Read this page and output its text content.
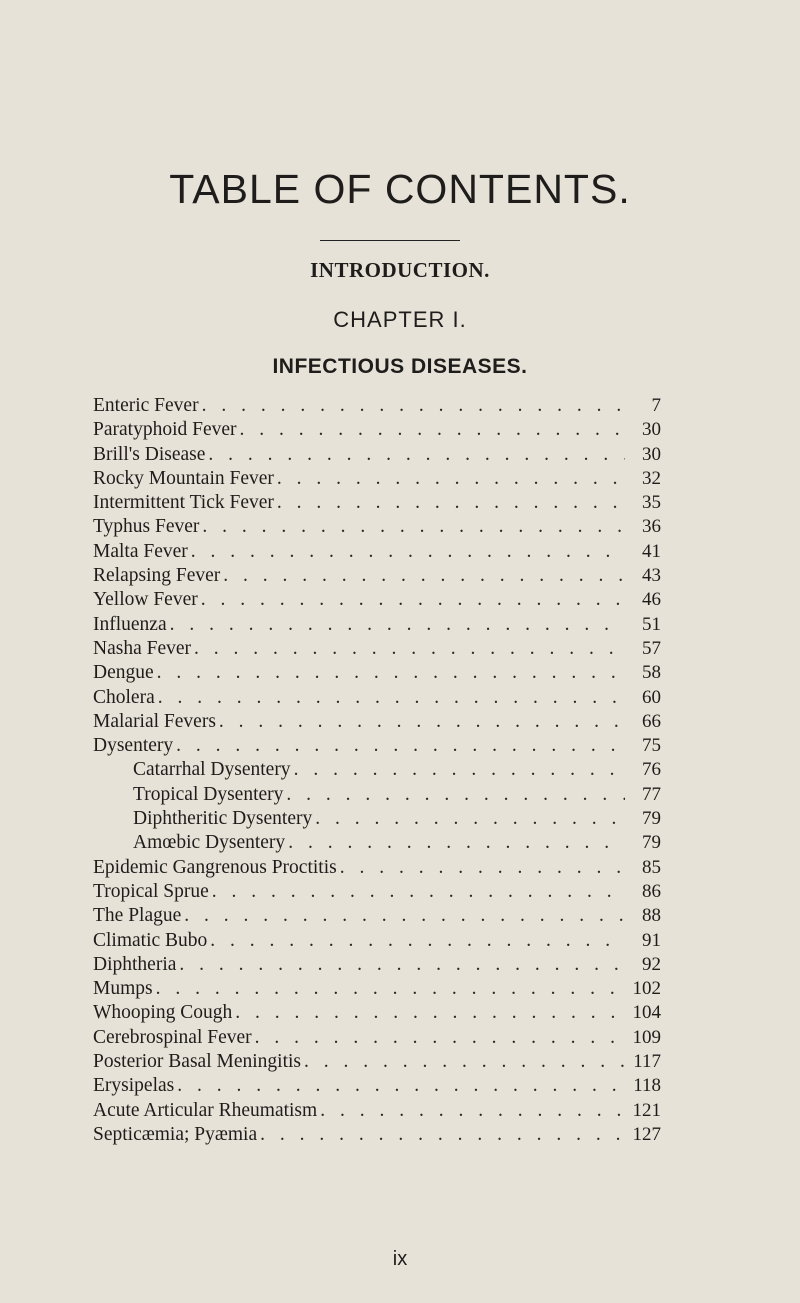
TABLE OF CONTENTS.
INTRODUCTION.
CHAPTER I.
INFECTIOUS DISEASES.
Enteric Fever . . .	7
Paratyphoid Fever . . .	30
Brill's Disease . . .	30
Rocky Mountain Fever . . .	32
Intermittent Tick Fever . . .	35
Typhus Fever . . .	36
Malta Fever . . .	41
Relapsing Fever . . .	43
Yellow Fever . . .	46
Influenza . . .	51
Nasha Fever . . .	57
Dengue . . .	58
Cholera . . .	60
Malarial Fevers . . .	66
Dysentery . . .	75
Catarrhal Dysentery . . .	76
Tropical Dysentery . . .	77
Diphtheritic Dysentery . . .	79
Amœbic Dysentery . . .	79
Epidemic Gangrenous Proctitis . . .	85
Tropical Sprue . . .	86
The Plague . . .	88
Climatic Bubo . . .	91
Diphtheria . . .	92
Mumps . . .	102
Whooping Cough . . .	104
Cerebrospinal Fever . . .	109
Posterior Basal Meningitis . . .	117
Erysipelas . . .	118
Acute Articular Rheumatism . . .	121
Septicæmia; Pyæmia . . .	127
ix
